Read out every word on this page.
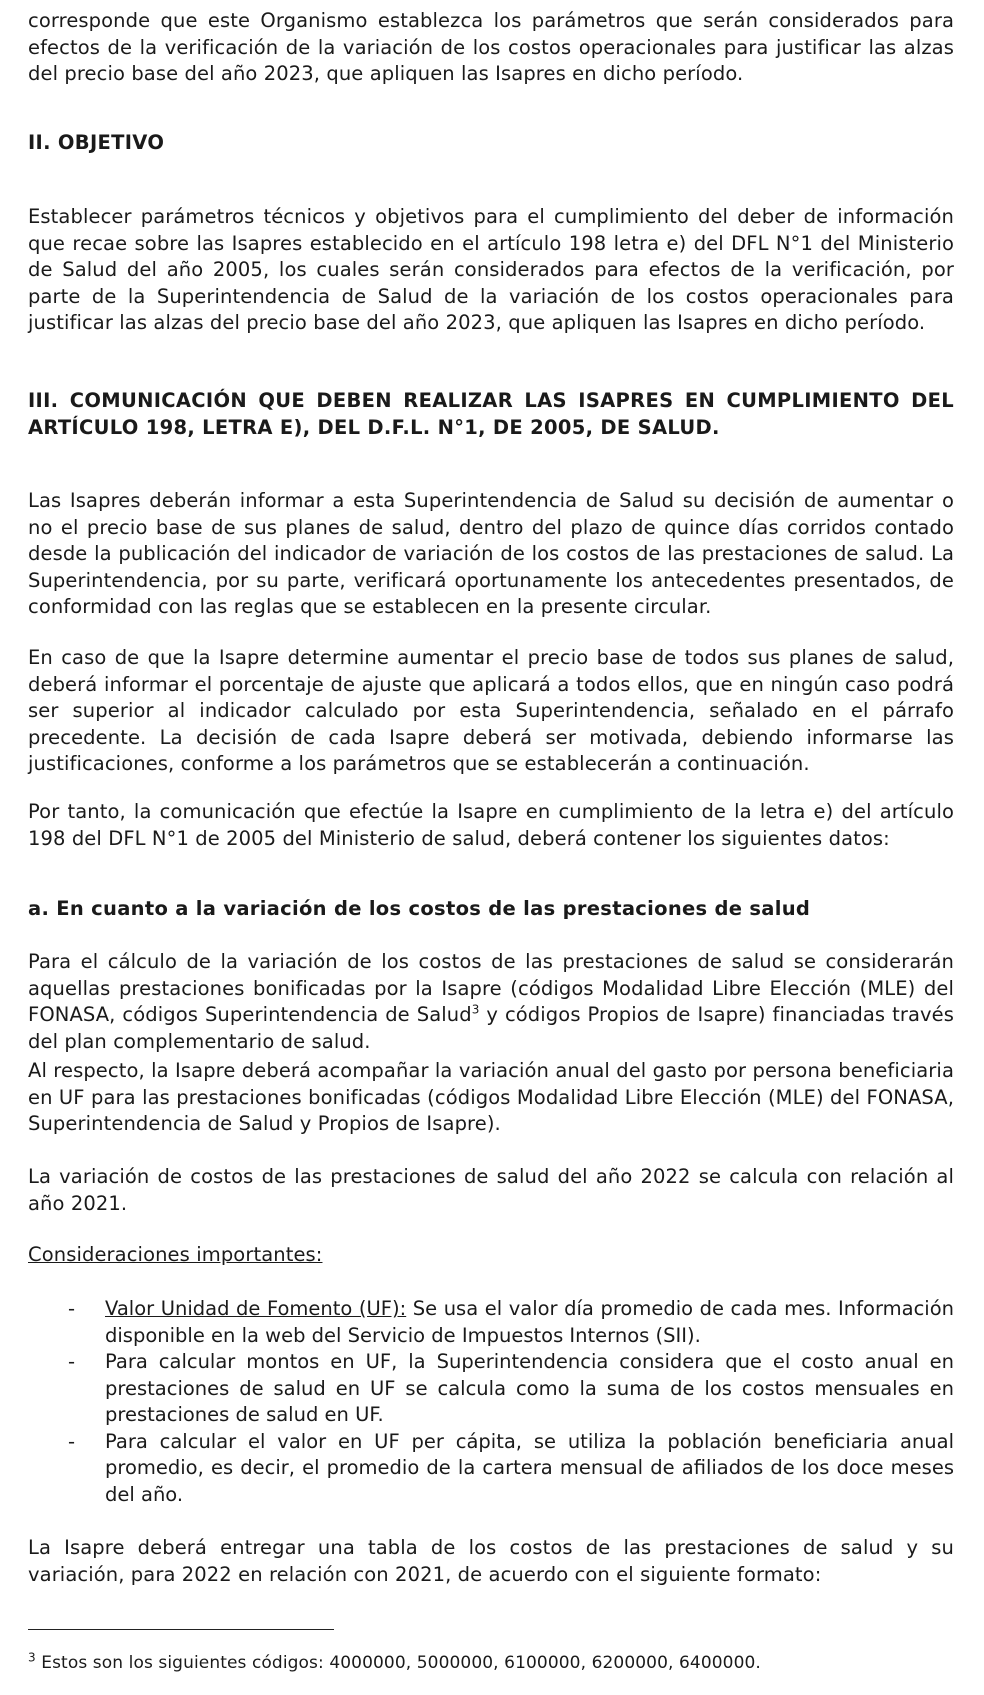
corresponde que este Organismo establezca los parámetros que serán considerados para efectos de la verificación de la variación de los costos operacionales para justificar las alzas del precio base del año 2023, que apliquen las Isapres en dicho período.

II. OBJETIVO

Establecer parámetros técnicos y objetivos para el cumplimiento del deber de información que recae sobre las Isapres establecido en el artículo 198 letra e) del DFL N°1 del Ministerio de Salud del año 2005, los cuales serán considerados para efectos de la verificación, por parte de la Superintendencia de Salud de la variación de los costos operacionales para justificar las alzas del precio base del año 2023, que apliquen las Isapres en dicho período.

III. COMUNICACIÓN QUE DEBEN REALIZAR LAS ISAPRES EN CUMPLIMIENTO DEL ARTÍCULO 198, LETRA E), DEL D.F.L. N°1, DE 2005, DE SALUD.

Las Isapres deberán informar a esta Superintendencia de Salud su decisión de aumentar o no el precio base de sus planes de salud, dentro del plazo de quince días corridos contado desde la publicación del indicador de variación de los costos de las prestaciones de salud. La Superintendencia, por su parte, verificará oportunamente los antecedentes presentados, de conformidad con las reglas que se establecen en la presente circular.

En caso de que la Isapre determine aumentar el precio base de todos sus planes de salud, deberá informar el porcentaje de ajuste que aplicará a todos ellos, que en ningún caso podrá ser superior al indicador calculado por esta Superintendencia, señalado en el párrafo precedente. La decisión de cada Isapre deberá ser motivada, debiendo informarse las justificaciones, conforme a los parámetros que se establecerán a continuación.

Por tanto, la comunicación que efectúe la Isapre en cumplimiento de la letra e) del artículo 198 del DFL N°1 de 2005 del Ministerio de salud, deberá contener los siguientes datos:

a. En cuanto a la variación de los costos de las prestaciones de salud

Para el cálculo de la variación de los costos de las prestaciones de salud se considerarán aquellas prestaciones bonificadas por la Isapre (códigos Modalidad Libre Elección (MLE) del FONASA, códigos Superintendencia de Salud$^3$ y códigos Propios de Isapre) financiadas través del plan complementario de salud.

Al respecto, la Isapre deberá acompañar la variación anual del gasto por persona beneficiaria en UF para las prestaciones bonificadas (códigos Modalidad Libre Elección (MLE) del FONASA, Superintendencia de Salud y Propios de Isapre).

La variación de costos de las prestaciones de salud del año 2022 se calcula con relación al año 2021.

Consideraciones importantes:

- Valor Unidad de Fomento (UF): Se usa el valor día promedio de cada mes. Información disponible en la web del Servicio de Impuestos Internos (SII).
- Para calcular montos en UF, la Superintendencia considera que el costo anual en prestaciones de salud en UF se calcula como la suma de los costos mensuales en prestaciones de salud en UF.
- Para calcular el valor en UF per cápita, se utiliza la población beneficiaria anual promedio, es decir, el promedio de la cartera mensual de afiliados de los doce meses del año.

La Isapre deberá entregar una tabla de los costos de las prestaciones de salud y su variación, para 2022 en relación con 2021, de acuerdo con el siguiente formato:

$^3$ Estos son los siguientes códigos: 4000000, 5000000, 6100000, 6200000, 6400000.
